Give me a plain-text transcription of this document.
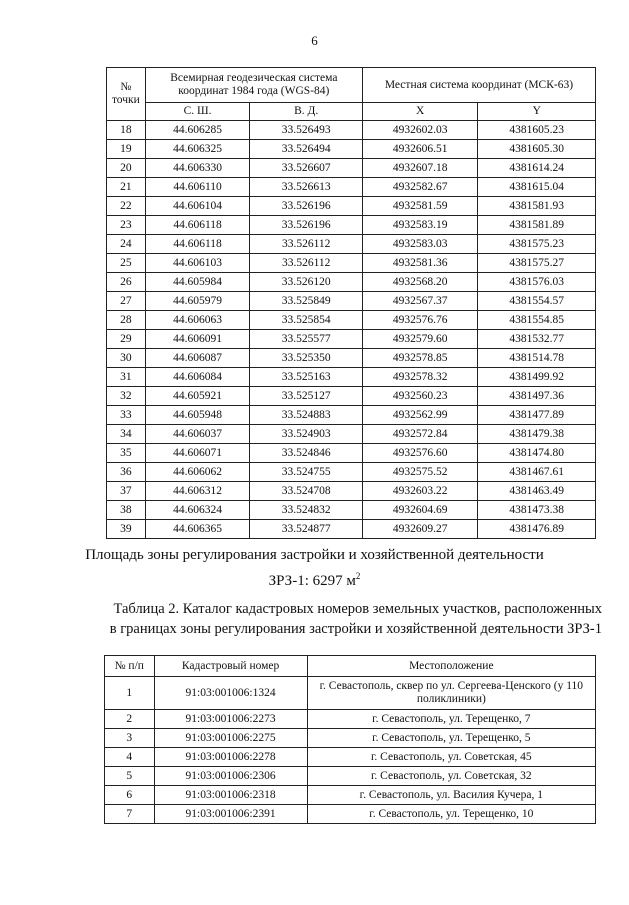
6
№ точки	Всемирная геодезическая система координат 1984 года (WGS-84)		Местная система координат (МСК-63)	
	С. Ш.	В. Д.	X	Y
18	44.606285	33.526493	4932602.03	4381605.23
19	44.606325	33.526494	4932606.51	4381605.30
20	44.606330	33.526607	4932607.18	4381614.24
21	44.606110	33.526613	4932582.67	4381615.04
22	44.606104	33.526196	4932581.59	4381581.93
23	44.606118	33.526196	4932583.19	4381581.89
24	44.606118	33.526112	4932583.03	4381575.23
25	44.606103	33.526112	4932581.36	4381575.27
26	44.605984	33.526120	4932568.20	4381576.03
27	44.605979	33.525849	4932567.37	4381554.57
28	44.606063	33.525854	4932576.76	4381554.85
29	44.606091	33.525577	4932579.60	4381532.77
30	44.606087	33.525350	4932578.85	4381514.78
31	44.606084	33.525163	4932578.32	4381499.92
32	44.605921	33.525127	4932560.23	4381497.36
33	44.605948	33.524883	4932562.99	4381477.89
34	44.606037	33.524903	4932572.84	4381479.38
35	44.606071	33.524846	4932576.60	4381474.80
36	44.606062	33.524755	4932575.52	4381467.61
37	44.606312	33.524708	4932603.22	4381463.49
38	44.606324	33.524832	4932604.69	4381473.38
39	44.606365	33.524877	4932609.27	4381476.89
Площадь зоны регулирования застройки и хозяйственной деятельности
ЗРЗ-1: 6297 $м^2$
Таблица 2. Каталог кадастровых номеров земельных участков, расположенных
в границах зоны регулирования застройки и хозяйственной деятельности ЗРЗ-1
№ п/п	Кадастровый номер	Местоположение
1	91:03:001006:1324	г. Севастополь, сквер по ул. Сергеева-Ценского (у 110 поликлиники)
2	91:03:001006:2273	г. Севастополь, ул. Терещенко, 7
3	91:03:001006:2275	г. Севастополь, ул. Терещенко, 5
4	91:03:001006:2278	г. Севастополь, ул. Советская, 45
5	91:03:001006:2306	г. Севастополь, ул. Советская, 32
6	91:03:001006:2318	г. Севастополь, ул. Василия Кучера, 1
7	91:03:001006:2391	г. Севастополь, ул. Терещенко, 10
